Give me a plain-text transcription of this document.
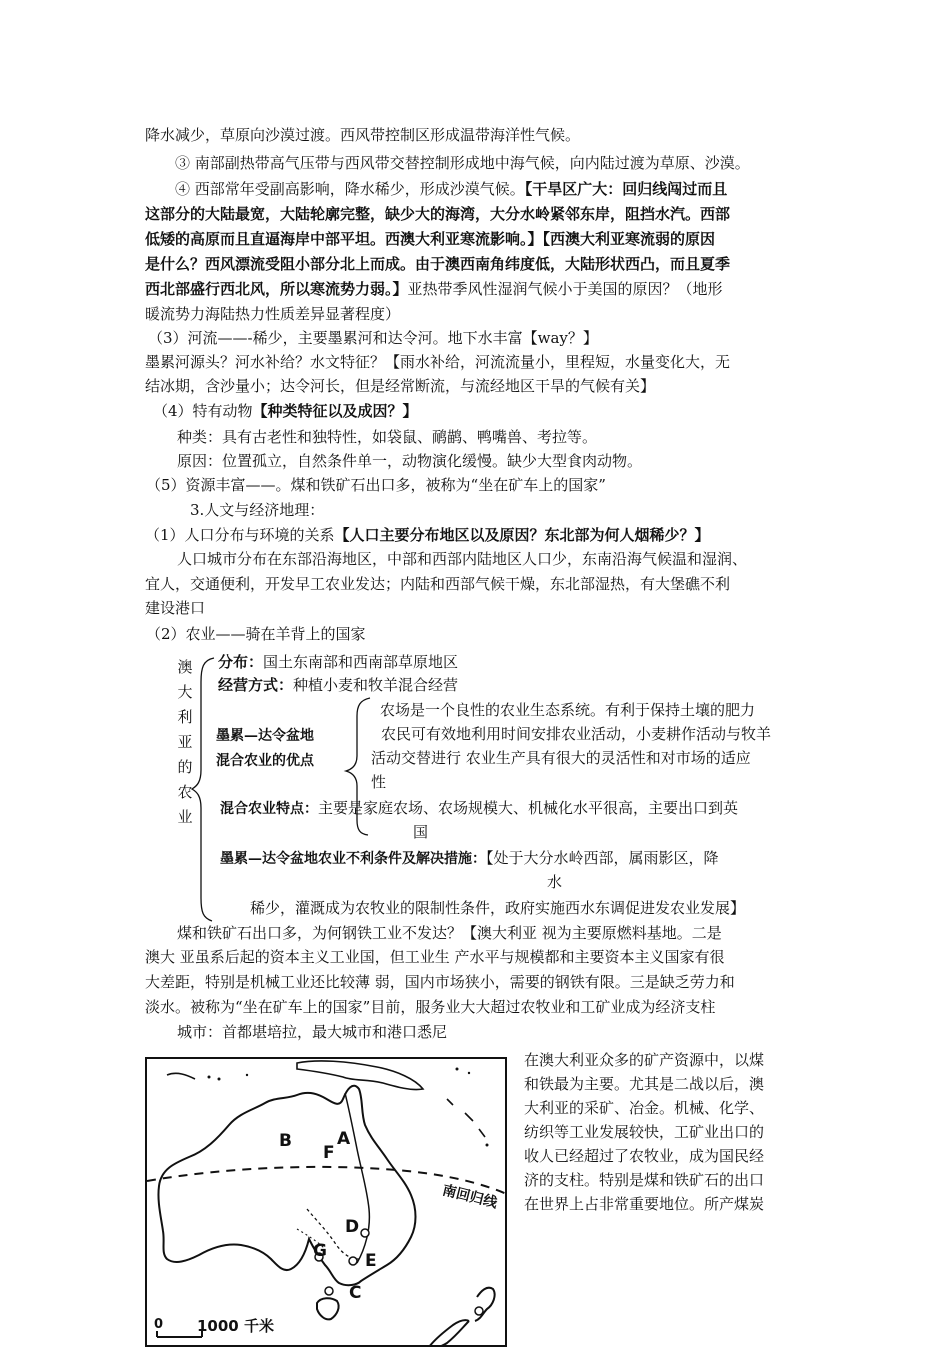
降水减少，草原向沙漠过渡。西风带控制区形成温带海洋性气候。
③ 南部副热带高气压带与西风带交替控制形成地中海气候，向内陆过渡为草原、沙漠。
④ 西部常年受副高影响，降水稀少，形成沙漠气候。【干旱区广大：回归线闯过而且
这部分的大陆最宽，大陆轮廓完整，缺少大的海湾，大分水岭紧邻东岸，阻挡水汽。西部
低矮的高原而且直逼海岸中部平坦。西澳大利亚寒流影响。】【西澳大利亚寒流弱的原因
是什么？西风漂流受阻小部分北上而成。由于澳西南角纬度低，大陆形状西凸，而且夏季
西北部盛行西北风，所以寒流势力弱。】亚热带季风性湿润气候小于美国的原因？（地形
暖流势力海陆热力性质差异显著程度）
（3）河流——-稀少，主要墨累河和达令河。地下水丰富【way？】
墨累河源头？河水补给？水文特征？【雨水补给，河流流量小，里程短，水量变化大，无
结冰期，含沙量小；达令河长，但是经常断流，与流经地区干旱的气候有关】
（4）特有动物【种类特征以及成因？】
种类：具有古老性和独特性，如袋鼠、鸸鹋、鸭嘴兽、考拉等。
原因：位置孤立，自然条件单一，动物演化缓慢。缺少大型食肉动物。
（5）资源丰富——。煤和铁矿石出口多，被称为“坐在矿车上的国家”
3.人文与经济地理：
（1）人口分布与环境的关系【人口主要分布地区以及原因？东北部为何人烟稀少？】
人口城市分布在东部沿海地区，中部和西部内陆地区人口少，东南沿海气候温和湿润、
宜人，交通便利，开发早工农业发达；内陆和西部气候干燥，东北部湿热，有大堡礁不利
建设港口
（2）农业——骑在羊背上的国家
澳
大
利
亚
的
农
业
分布：国土东南部和西南部草原地区
经营方式：种植小麦和牧羊混合经营
农场是一个良性的农业生态系统。有利于保持土壤的肥力
墨累—达令盆地	农民可有效地利用时间安排农业活动，小麦耕作活动与牧羊
混合农业的优点	活动交替进行 农业生产具有很大的灵活性和对市场的适应
性
混合农业特点：主要是家庭农场、农场规模大、机械化水平很高，主要出口到英
国
墨累—达令盆地农业不利条件及解决措施：【处于大分水岭西部，属雨影区，降
水
稀少，灌溉成为农牧业的限制性条件，政府实施西水东调促进发农业发展】
煤和铁矿石出口多，为何钢铁工业不发达？【澳大利亚 视为主要原燃料基地。二是
澳大 亚虽系后起的资本主义工业国，但工业生 产水平与规模都和主要资本主义国家有很
大差距，特别是机械工业还比较薄 弱，国内市场狭小，需要的钢铁有限。三是缺乏劳力和
淡水。被称为“坐在矿车上的国家”目前，服务业大大超过农牧业和工矿业成为经济支柱
城市：首都堪培拉，最大城市和港口悉尼
B
F
A
D
E
G
C
南回归线
0 1000 千米
在澳大利亚众多的矿产资源中，以煤
和铁最为主要。尤其是二战以后，澳
大利亚的采矿、冶金。机械、化学、
纺织等工业发展较快，工矿业出口的
收人已经超过了农牧业，成为国民经
济的支柱。特别是煤和铁矿石的出口
在世界上占非常重要地位。所产煤炭
